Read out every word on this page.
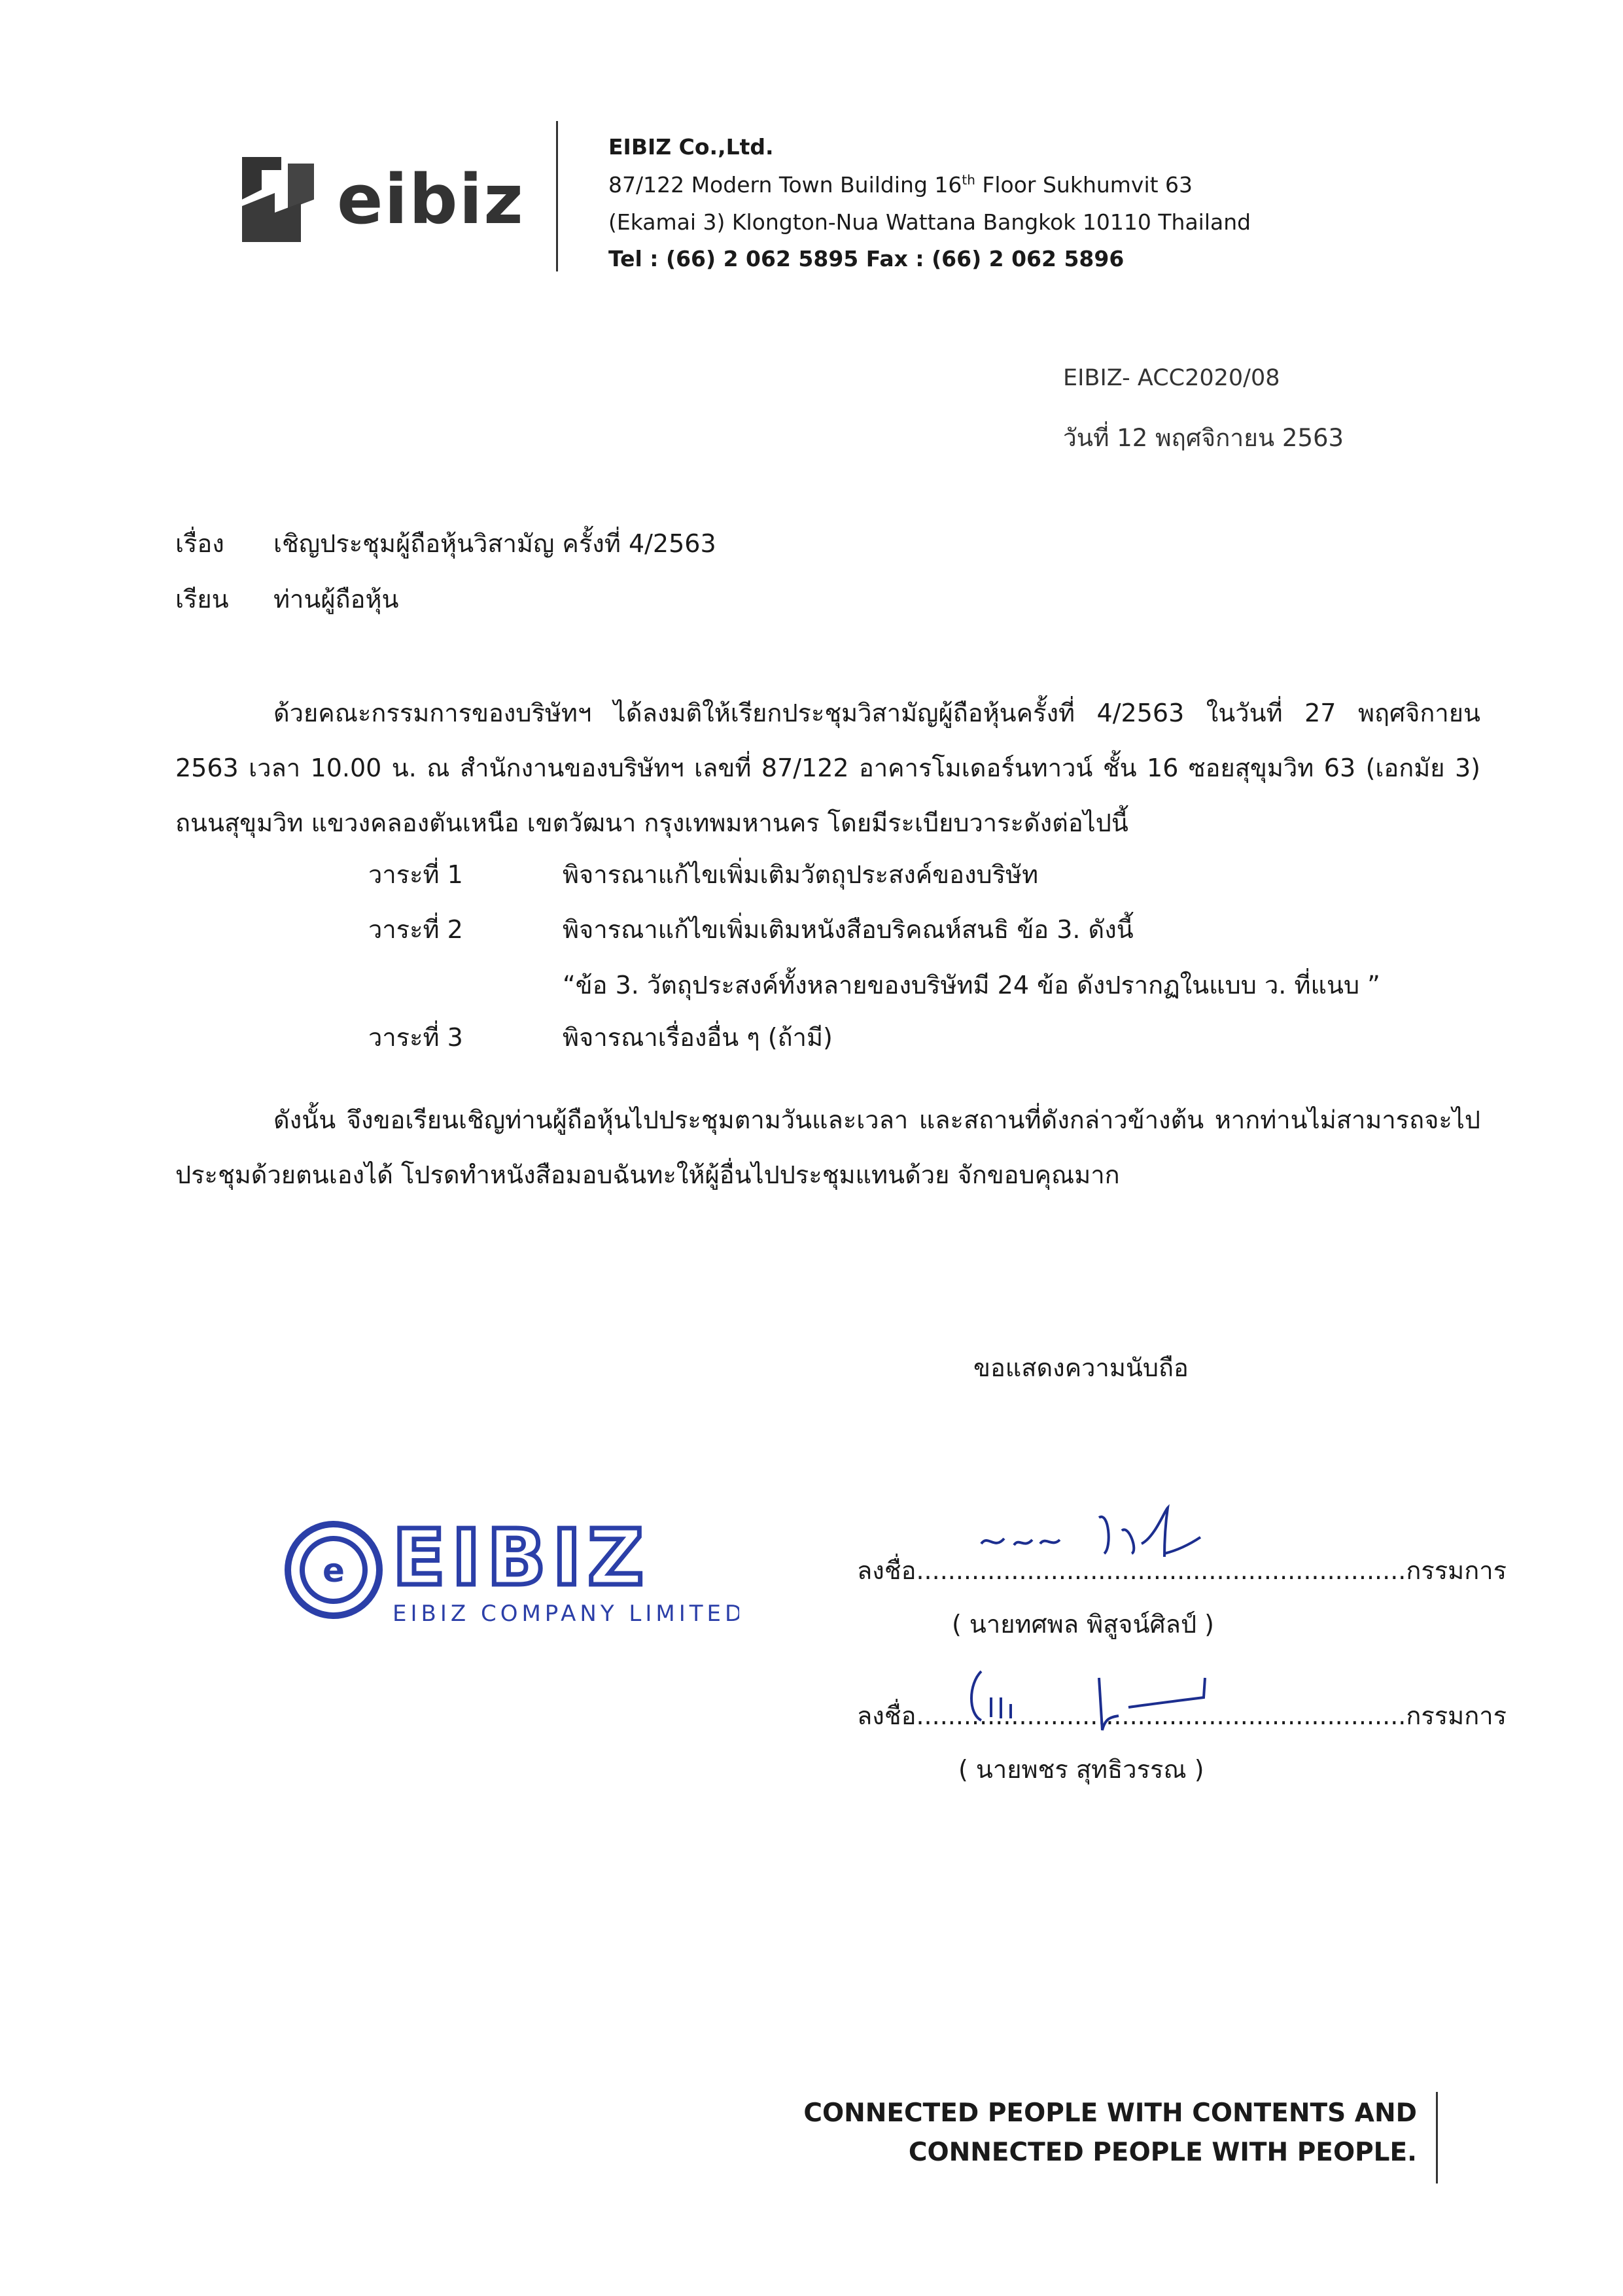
eibiz
EIBIZ Co.,Ltd.
87/122 Modern Town Building 16th Floor Sukhumvit 63
(Ekamai 3) Klongton-Nua Wattana Bangkok 10110 Thailand
Tel : (66) 2 062 5895 Fax : (66) 2 062 5896
EIBIZ- ACC2020/08
วันที่ 12 พฤศจิกายน 2563
เรื่อง เชิญประชุมผู้ถือหุ้นวิสามัญ ครั้งที่ 4/2563
เรียน ท่านผู้ถือหุ้น
ด้วยคณะกรรมการของบริษัทฯ ได้ลงมติให้เรียกประชุมวิสามัญผู้ถือหุ้นครั้งที่ 4/2563 ในวันที่ 27 พฤศจิกายน 2563 เวลา 10.00 น. ณ สำนักงานของบริษัทฯ เลขที่ 87/122 อาคารโมเดอร์นทาวน์ ชั้น 16 ซอยสุขุมวิท 63 (เอกมัย 3) ถนนสุขุมวิท แขวงคลองตันเหนือ เขตวัฒนา กรุงเทพมหานคร โดยมีระเบียบวาระดังต่อไปนี้
วาระที่ 1	พิจารณาแก้ไขเพิ่มเติมวัตถุประสงค์ของบริษัท
วาระที่ 2	พิจารณาแก้ไขเพิ่มเติมหนังสือบริคณห์สนธิ ข้อ 3. ดังนี้
“ข้อ 3. วัตถุประสงค์ทั้งหลายของบริษัทมี 24 ข้อ ดังปรากฏในแบบ ว. ที่แนบ ”
วาระที่ 3	พิจารณาเรื่องอื่น ๆ (ถ้ามี)
ดังนั้น จึงขอเรียนเชิญท่านผู้ถือหุ้นไปประชุมตามวันและเวลา และสถานที่ดังกล่าวข้างต้น หากท่านไม่สามารถจะไปประชุมด้วยตนเองได้ โปรดทำหนังสือมอบฉันทะให้ผู้อื่นไปประชุมแทนด้วย จักขอบคุณมาก
ขอแสดงความนับถือ
e EIBIZ
EIBIZ COMPANY LIMITED
ลงชื่อ..............................................................กรรมการ
( นายทศพล พิสูจน์ศิลป์ )
ลงชื่อ..............................................................กรรมการ
( นายพชร สุทธิวรรณ )
CONNECTED PEOPLE WITH CONTENTS AND
CONNECTED PEOPLE WITH PEOPLE.
